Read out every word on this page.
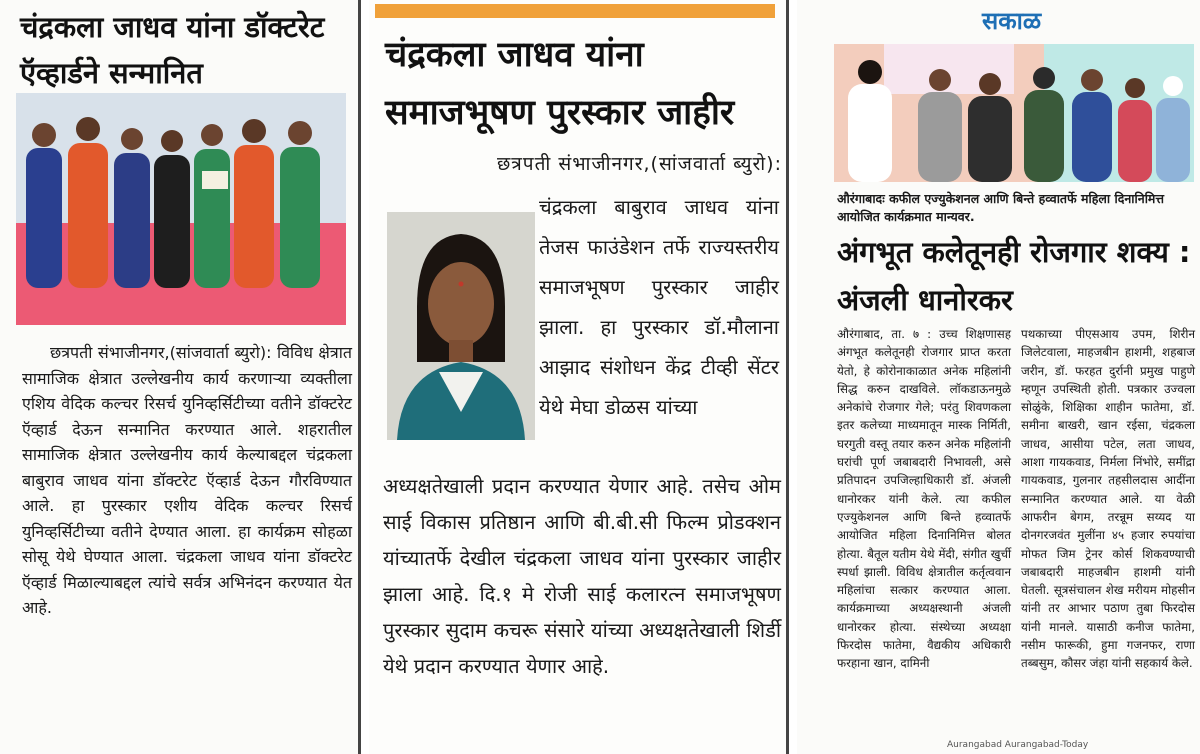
चंद्रकला जाधव यांना डॉक्टरेट ऍव्हार्डने सन्मानित
छत्रपती संभाजीनगर,(सांजवार्ता ब्युरो): विविध क्षेत्रात सामाजिक क्षेत्रात उल्लेखनीय कार्य करणाऱ्या व्यक्तीला एशिय वेदिक कल्चर रिसर्च युनिव्हर्सिटीच्या वतीने डॉक्टरेट ऍव्हार्ड देऊन सन्मानित करण्यात आले. शहरातील सामाजिक क्षेत्रात उल्लेखनीय कार्य केल्याबद्दल चंद्रकला बाबुराव जाधव यांना डॉक्टरेट ऍव्हार्ड देऊन गौरविण्यात आले. हा पुरस्कार एशीय वेदिक कल्चर रिसर्च युनिव्हर्सिटीच्या वतीने देण्यात आला. हा कार्यक्रम सोहळा सोसू येथे घेण्यात आला. चंद्रकला जाधव यांना डॉक्टरेट ऍव्हार्ड मिळाल्याबद्दल त्यांचे सर्वत्र अभिनंदन करण्यात येत आहे.
चंद्रकला जाधव यांना समाजभूषण पुरस्कार जाहीर
छत्रपती संभाजीनगर,(सांजवार्ता ब्युरो):
चंद्रकला बाबुराव जाधव यांना तेजस फाउंडेशन तर्फे राज्यस्तरीय समाजभूषण पुरस्कार जाहीर झाला. हा पुरस्कार डॉ.मौलाना आझाद संशोधन केंद्र टीव्ही सेंटर येथे मेघा डोळस यांच्या
अध्यक्षतेखाली प्रदान करण्यात येणार आहे. तसेच ओम साई विकास प्रतिष्ठान आणि बी.बी.सी फिल्म प्रोडक्शन यांच्यातर्फे देखील चंद्रकला जाधव यांना पुरस्कार जाहीर झाला आहे. दि.१ मे रोजी साई कलारत्न समाजभूषण पुरस्कार सुदाम कचरू संसारे यांच्या अध्यक्षतेखाली शिर्डी येथे प्रदान करण्यात येणार आहे.
सकाळ
औरंगाबादः कफील एज्युकेशनल आणि बिन्ते हव्वातर्फे महिला दिनानिमित्त आयोजित कार्यक्रमात मान्यवर.
अंगभूत कलेतूनही रोजगार शक्य : अंजली धानोरकर
औरंगाबाद, ता. ७ : उच्च शिक्षणासह अंगभूत कलेतूनही रोजगार प्राप्त करता येतो, हे कोरोनाकाळात अनेक महिलांनी सिद्ध करुन दाखविले. लॉकडाऊनमुळे अनेकांचे रोजगार गेले; परंतु शिवणकला इतर कलेच्या माध्यमातून मास्क निर्मिती, घरगुती वस्तू तयार करुन अनेक महिलांनी घरांची पूर्ण जबाबदारी निभावली, असे प्रतिपादन उपजिल्हाधिकारी डॉ. अंजली धानोरकर यांनी केले. त्या कफील एज्युकेशनल आणि बिन्ते हव्वातर्फे आयोजित महिला दिनानिमित्त बोलत होत्या. बैतूल यतीम येथे मेंदी, संगीत खुर्ची स्पर्धा झाली. विविध क्षेत्रातील कर्तृत्ववान महिलांचा सत्कार करण्यात आला. कार्यक्रमाच्या अध्यक्षस्थानी अंजली धानोरकर होत्या. संस्थेच्या अध्यक्षा फिरदोस फातेमा, वैद्यकीय अधिकारी फरहाना खान, दामिनी
पथकाच्या पीएसआय उपम, शिरीन जिलेटवाला, माहजबीन हाशमी, शहबाज जरीन, डॉ. फरहत दुर्रानी प्रमुख पाहुणे म्हणून उपस्थिती होती. पत्रकार उज्वला सोळुंके, शिक्षिका शाहीन फातेमा, डॉ. समीना बाखरी, खान रईसा, चंद्रकला जाधव, आसीया पटेल, लता जाधव, आशा गायकवाड, निर्मला निंभोरे, समींद्रा गायकवाड, गुलनार तहसीलदास आदींना सन्मानित करण्यात आले. या वेळी आफरीन बेगम, तरन्नूम सय्यद या दोनगरजवंत मुलींना ४५ हजार रुपयांचा मोफत जिम ट्रेनर कोर्स शिकवण्याची जबाबदारी माहजबीन हाशमी यांनी घेतली. सूत्रसंचालन शेख मरीयम मोहसीन यांनी तर आभार पठाण तुबा फिरदोस यांनी मानले. यासाठी कनीज फातेमा, नसीम फारूकी, हुमा गजनफर, राणा तब्बसुम, कौसर जंहा यांनी सहकार्य केले.
Aurangabad Aurangabad-Today
